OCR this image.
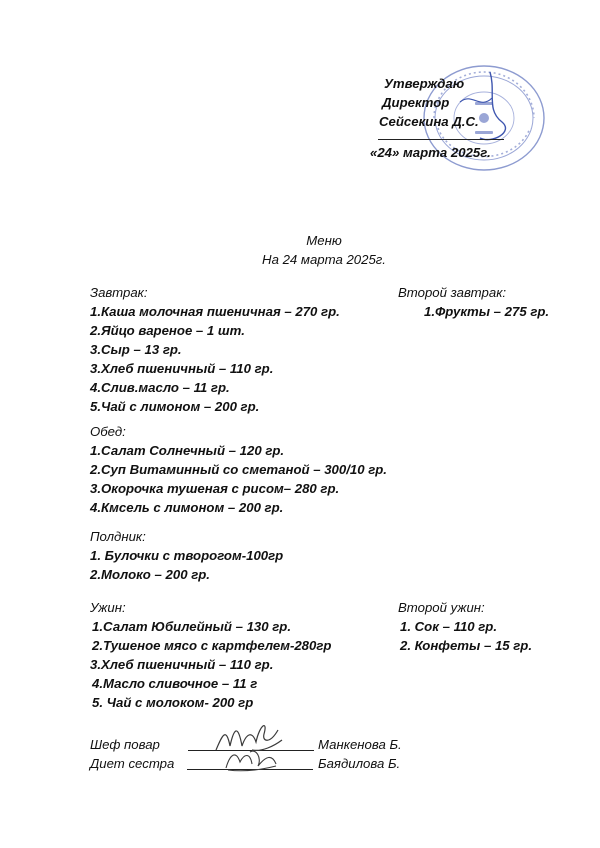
Утверждаю
Директор
Сейсекина Д.С.
«24» марта 2025г.
Меню
На 24 марта 2025г.
Завтрак:
1.Каша молочная пшеничная – 270 гр.
2.Яйцо вареное – 1 шт.
3.Сыр – 13 гр.
3.Хлеб пшеничный – 110 гр.
4.Слив.масло – 11 гр.
5.Чай с лимоном – 200 гр.
Второй завтрак:
1.Фрукты – 275 гр.
Обед:
1.Салат Солнечный – 120 гр.
2.Суп Витаминный со сметаной – 300/10 гр.
3.Окорочка тушеная с рисом– 280 гр.
4.Кмсель с лимоном – 200 гр.
Полдник:
1. Булочки с творогом-100гр
2.Молоко – 200 гр.
Ужин:
1.Салат Юбилейный – 130 гр.
2.Тушеное мясо с картфелем-280гр
3.Хлеб пшеничный – 110 гр.
4.Масло сливочное – 11 г
5. Чай с молоком- 200 гр
Второй ужин:
1. Сок – 110 гр.
2. Конфеты – 15 гр.
Шеф повар	Манкенова Б.
Диет сестра	Баядилова Б.
